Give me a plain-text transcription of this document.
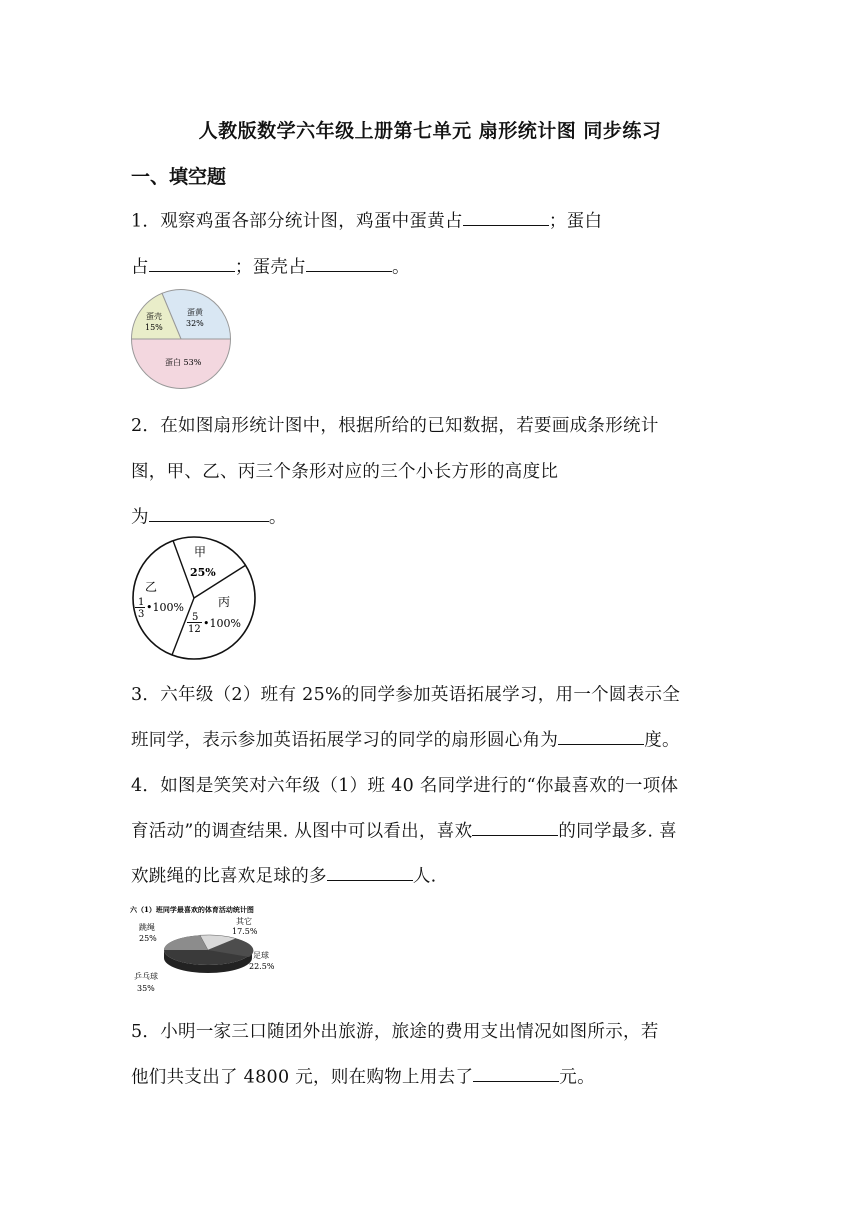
人教版数学六年级上册第七单元 扇形统计图 同步练习
一、填空题
1．观察鸡蛋各部分统计图，鸡蛋中蛋黄占	；蛋白
占	；蛋壳占	。
蛋黄
32%
蛋壳
15%
蛋白 53%
2．在如图扇形统计图中，根据所给的已知数据，若要画成条形统计
图，甲、乙、丙三个条形对应的三个小长方形的高度比
为	。
甲
25%
乙
1
3
•100%	丙
5
12 •100%
3．六年级（2）班有 25%的同学参加英语拓展学习，用一个圆表示全
班同学，表示参加英语拓展学习的同学的扇形圆心角为	度。
4．如图是笑笑对六年级（1）班 40 名同学进行的“你最喜欢的一项体
育活动”的调查结果. 从图中可以看出，喜欢	的同学最多. 喜
欢跳绳的比喜欢足球的多	人.
六（1）班同学最喜欢的体育活动统计图
跳绳
25%
其它
17.5%
足球
22.5%
乒乓球
35%
5．小明一家三口随团外出旅游，旅途的费用支出情况如图所示，若
他们共支出了 4800 元，则在购物上用去了	元。
